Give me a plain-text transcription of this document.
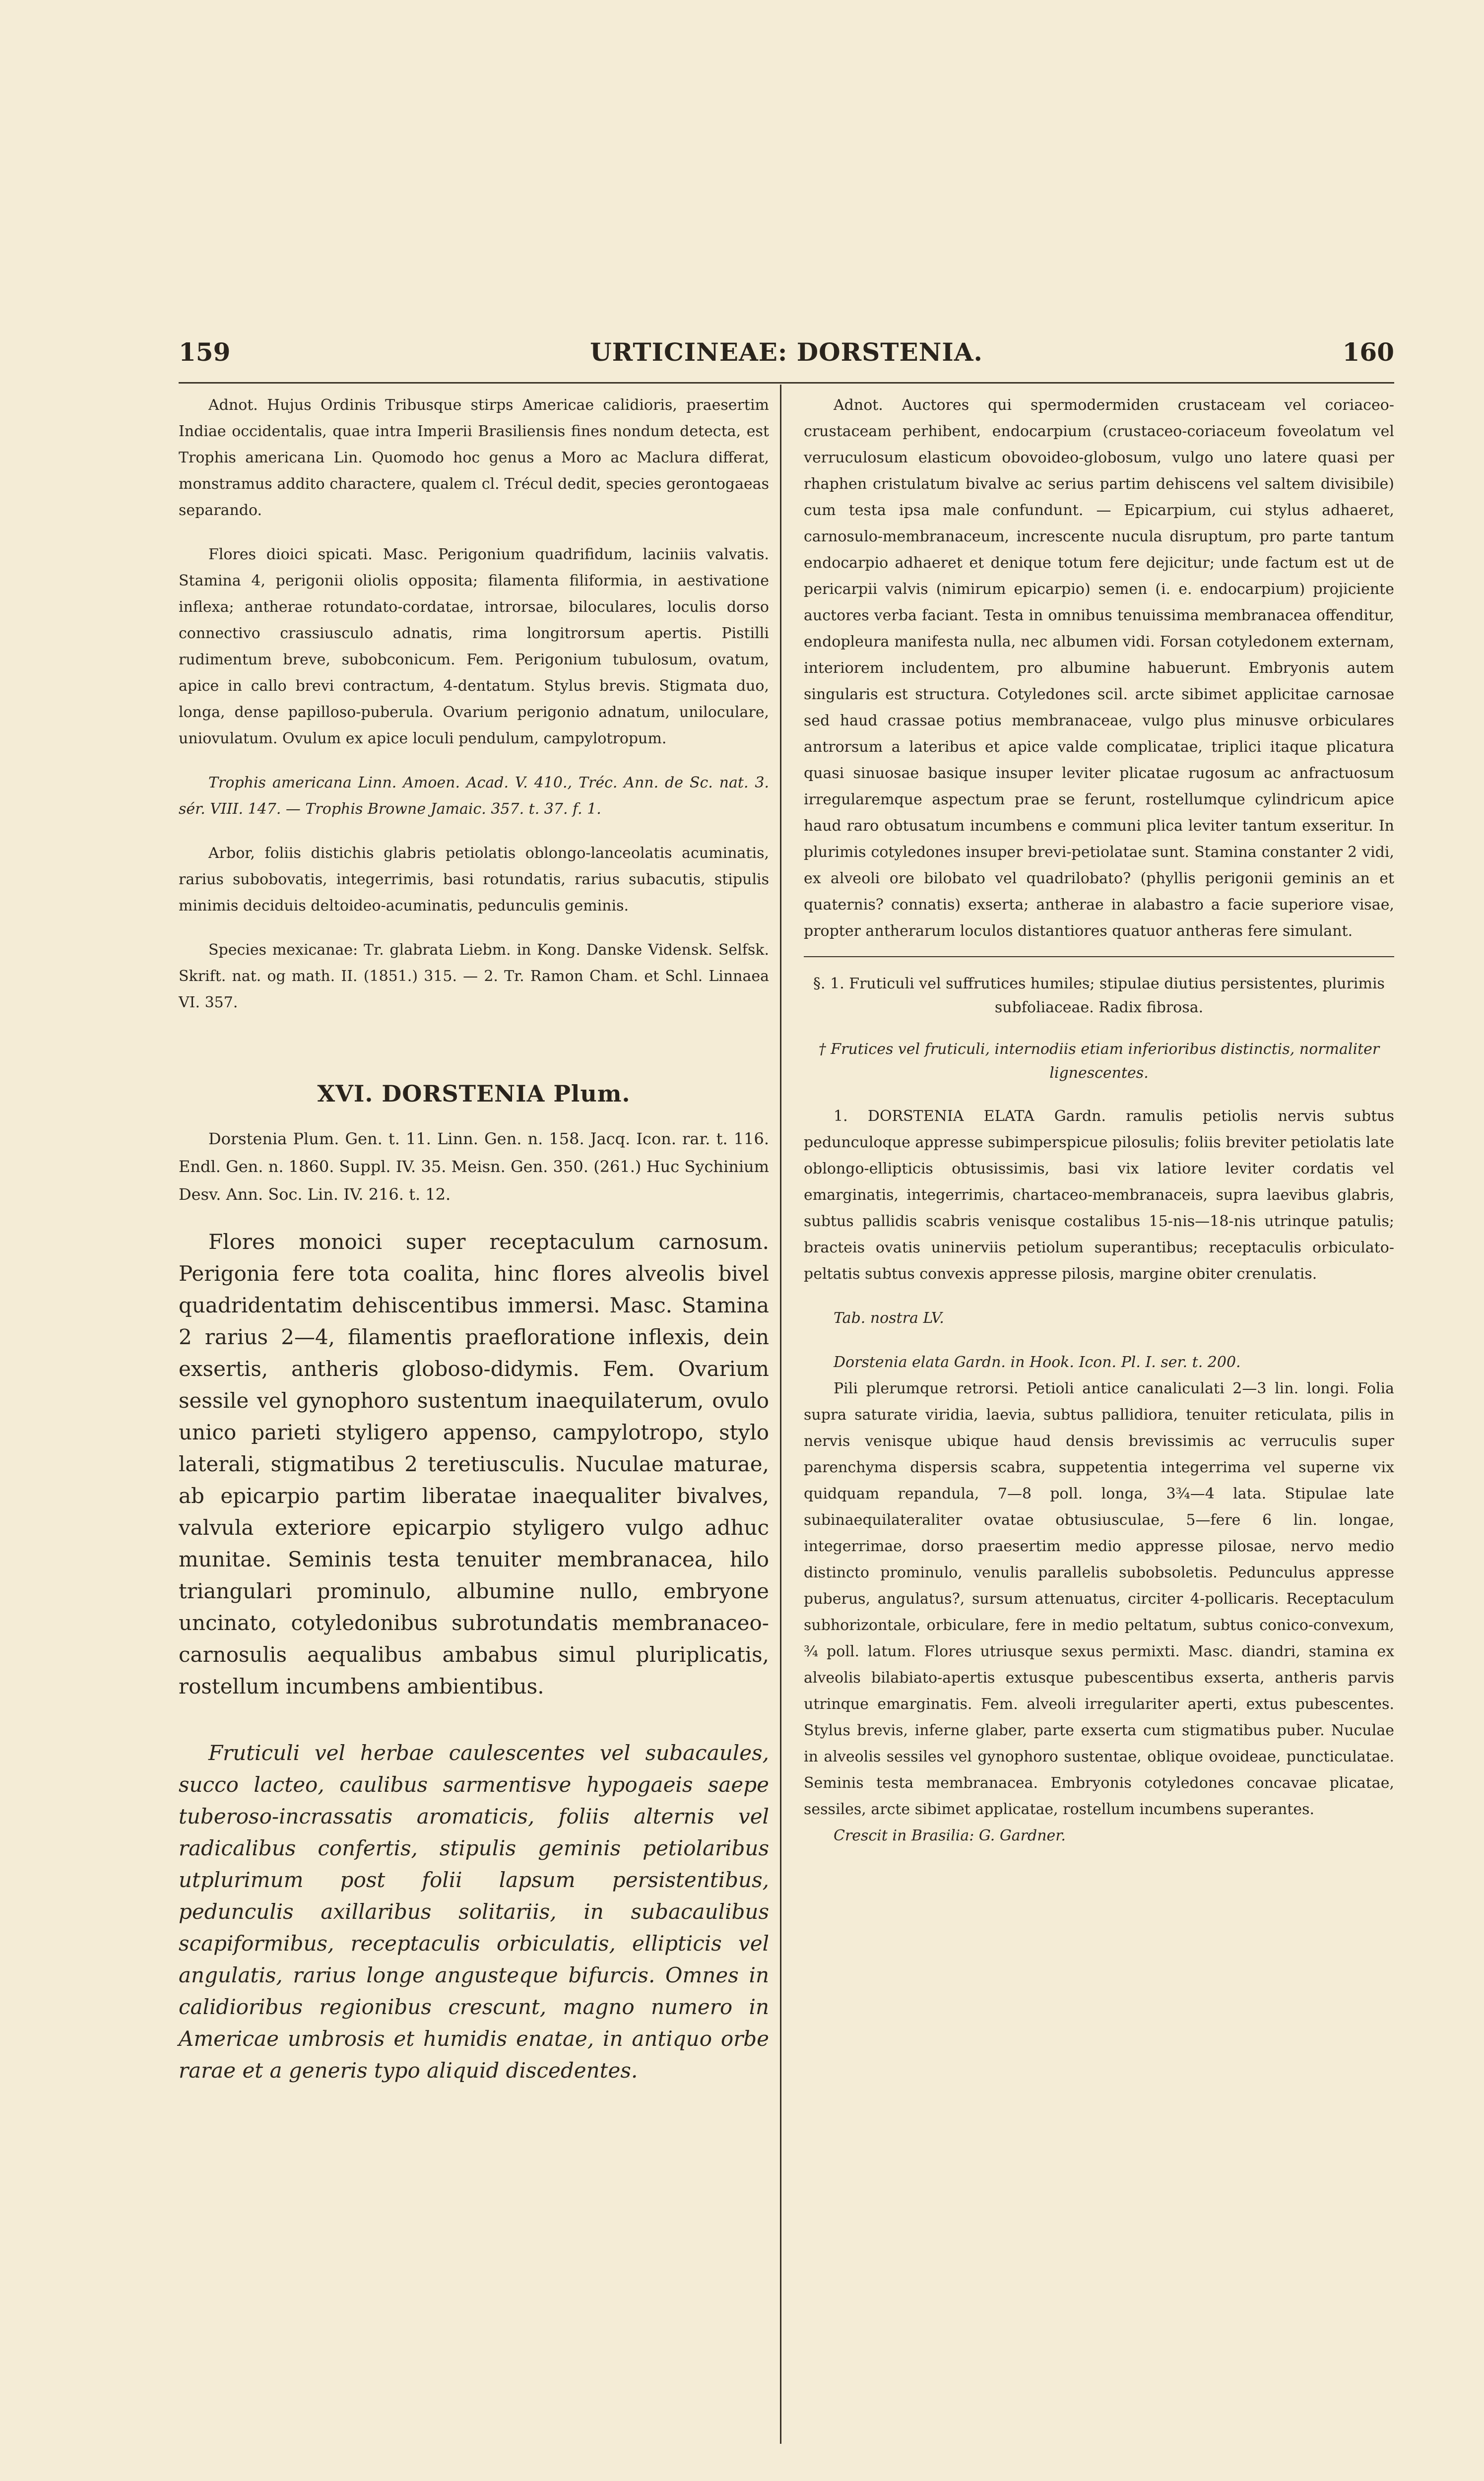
159	URTICINEAE: DORSTENIA.	160

Adnot. Hujus Ordinis Tribusque stirps Americae calidioris, praesertim Indiae occidentalis, quae intra Imperii Brasiliensis fines nondum detecta, est Trophis americana Lin. Quomodo hoc genus a Moro ac Maclura differat, monstramus addito charactere, qualem cl. Trécul dedit, species gerontogaeas separando.

Flores dioici spicati. Masc. Perigonium quadrifidum, laciniis valvatis. Stamina 4, perigonii oliolis opposita; filamenta filiformia, in aestivatione inflexa; antherae rotundato-cordatae, introrsae, biloculares, loculis dorso connectivo crassiusculo adnatis, rima longitrorsum apertis. Pistilli rudimentum breve, subobconicum. Fem. Perigonium tubulosum, ovatum, apice in callo brevi contractum, 4-dentatum. Stylus brevis. Stigmata duo, longa, dense papilloso-puberula. Ovarium perigonio adnatum, uniloculare, uniovulatum. Ovulum ex apice loculi pendulum, campylotropum.

Trophis americana Linn. Amoen. Acad. V. 410., Tréc. Ann. de Sc. nat. 3. sér. VIII. 147. — Trophis Browne Jamaic. 357. t. 37. f. 1.

Arbor, foliis distichis glabris petiolatis oblongo-lanceolatis acuminatis, rarius subobovatis, integerrimis, basi rotundatis, rarius subacutis, stipulis minimis deciduis deltoideo-acuminatis, pedunculis geminis.

Species mexicanae: Tr. glabrata Liebm. in Kong. Danske Vidensk. Selfsk. Skrift. nat. og math. II. (1851.) 315. — 2. Tr. Ramon Cham. et Schl. Linnaea VI. 357.

XVI. DORSTENIA Plum.

Dorstenia Plum. Gen. t. 11. Linn. Gen. n. 158. Jacq. Icon. rar. t. 116. Endl. Gen. n. 1860. Suppl. IV. 35. Meisn. Gen. 350. (261.) Huc Sychinium Desv. Ann. Soc. Lin. IV. 216. t. 12.

Flores monoici super receptaculum carnosum. Perigonia fere tota coalita, hinc flores alveolis bivel quadridentatim dehiscentibus immersi. Masc. Stamina 2 rarius 2—4, filamentis praefloratione inflexis, dein exsertis, antheris globoso-didymis. Fem. Ovarium sessile vel gynophoro sustentum inaequilaterum, ovulo unico parieti styligero appenso, campylotropo, stylo laterali, stigmatibus 2 teretiusculis. Nuculae maturae, ab epicarpio partim liberatae inaequaliter bivalves, valvula exteriore epicarpio styligero vulgo adhuc munitae. Seminis testa tenuiter membranacea, hilo triangulari prominulo, albumine nullo, embryone uncinato, cotyledonibus subrotundatis membranaceo-carnosulis aequalibus ambabus simul pluriplicatis, rostellum incumbens ambientibus.

Fruticuli vel herbae caulescentes vel subacaules, succo lacteo, caulibus sarmentisve hypogaeis saepe tuberoso-incrassatis aromaticis, foliis alternis vel radicalibus confertis, stipulis geminis petiolaribus utplurimum post folii lapsum persistentibus, pedunculis axillaribus solitariis, in subacaulibus scapiformibus, receptaculis orbiculatis, ellipticis vel angulatis, rarius longe angusteque bifurcis. Omnes in calidioribus regionibus crescunt, magno numero in Americae umbrosis et humidis enatae, in antiquo orbe rarae et a generis typo aliquid discedentes.

Adnot. Auctores qui spermodermiden crustaceam vel coriaceo-crustaceam perhibent, endocarpium (crustaceo-coriaceum foveolatum vel verruculosum elasticum obovoideo-globosum, vulgo uno latere quasi per rhaphen cristulatum bivalve ac serius partim dehiscens vel saltem divisibile) cum testa ipsa male confundunt. — Epicarpium, cui stylus adhaeret, carnosulo-membranaceum, increscente nucula disruptum, pro parte tantum endocarpio adhaeret et denique totum fere dejicitur; unde factum est ut de pericarpii valvis (nimirum epicarpio) semen (i. e. endocarpium) projiciente auctores verba faciant. Testa in omnibus tenuissima membranacea offenditur, endopleura manifesta nulla, nec albumen vidi. Forsan cotyledonem externam, interiorem includentem, pro albumine habuerunt. Embryonis autem singularis est structura. Cotyledones scil. arcte sibimet applicitae carnosae sed haud crassae potius membranaceae, vulgo plus minusve orbiculares antrorsum a lateribus et apice valde complicatae, triplici itaque plicatura quasi sinuosae basique insuper leviter plicatae rugosum ac anfractuosum irregularemque aspectum prae se ferunt, rostellumque cylindricum apice haud raro obtusatum incumbens e communi plica leviter tantum exseritur. In plurimis cotyledones insuper brevi-petiolatae sunt. Stamina constanter 2 vidi, ex alveoli ore bilobato vel quadrilobato? (phyllis perigonii geminis an et quaternis? connatis) exserta; antherae in alabastro a facie superiore visae, propter antherarum loculos distantiores quatuor antheras fere simulant.

§. 1. Fruticuli vel suffrutices humiles; stipulae diutius persistentes, plurimis subfoliaceae. Radix fibrosa.

† Frutices vel fruticuli, internodiis etiam inferioribus distinctis, normaliter lignescentes.

1. DORSTENIA ELATA Gardn. ramulis petiolis nervis subtus pedunculoque appresse subimperspicue pilosulis; foliis breviter petiolatis late oblongo-ellipticis obtusissimis, basi vix latiore leviter cordatis vel emarginatis, integerrimis, chartaceo-membranaceis, supra laevibus glabris, subtus pallidis scabris venisque costalibus 15-nis—18-nis utrinque patulis; bracteis ovatis uninerviis petiolum superantibus; receptaculis orbiculato-peltatis subtus convexis appresse pilosis, margine obiter crenulatis.

Tab. nostra LV.

Dorstenia elata Gardn. in Hook. Icon. Pl. I. ser. t. 200.

Pili plerumque retrorsi. Petioli antice canaliculati 2—3 lin. longi. Folia supra saturate viridia, laevia, subtus pallidiora, tenuiter reticulata, pilis in nervis venisque ubique haud densis brevissimis ac verruculis super parenchyma dispersis scabra, suppetentia integerrima vel superne vix quidquam repandula, 7—8 poll. longa, 3¾—4 lata. Stipulae late subinaequilateraliter ovatae obtusiusculae, 5—fere 6 lin. longae, integerrimae, dorso praesertim medio appresse pilosae, nervo medio distincto prominulo, venulis parallelis subobsoletis. Pedunculus appresse puberus, angulatus?, sursum attenuatus, circiter 4-pollicaris. Receptaculum subhorizontale, orbiculare, fere in medio peltatum, subtus conico-convexum, ¾ poll. latum. Flores utriusque sexus permixti. Masc. diandri, stamina ex alveolis bilabiato-apertis extusque pubescentibus exserta, antheris parvis utrinque emarginatis. Fem. alveoli irregulariter aperti, extus pubescentes. Stylus brevis, inferne glaber, parte exserta cum stigmatibus puber. Nuculae in alveolis sessiles vel gynophoro sustentae, oblique ovoideae, puncticulatae. Seminis testa membranacea. Embryonis cotyledones concavae plicatae, sessiles, arcte sibimet applicatae, rostellum incumbens superantes.

Crescit in Brasilia: G. Gardner.
